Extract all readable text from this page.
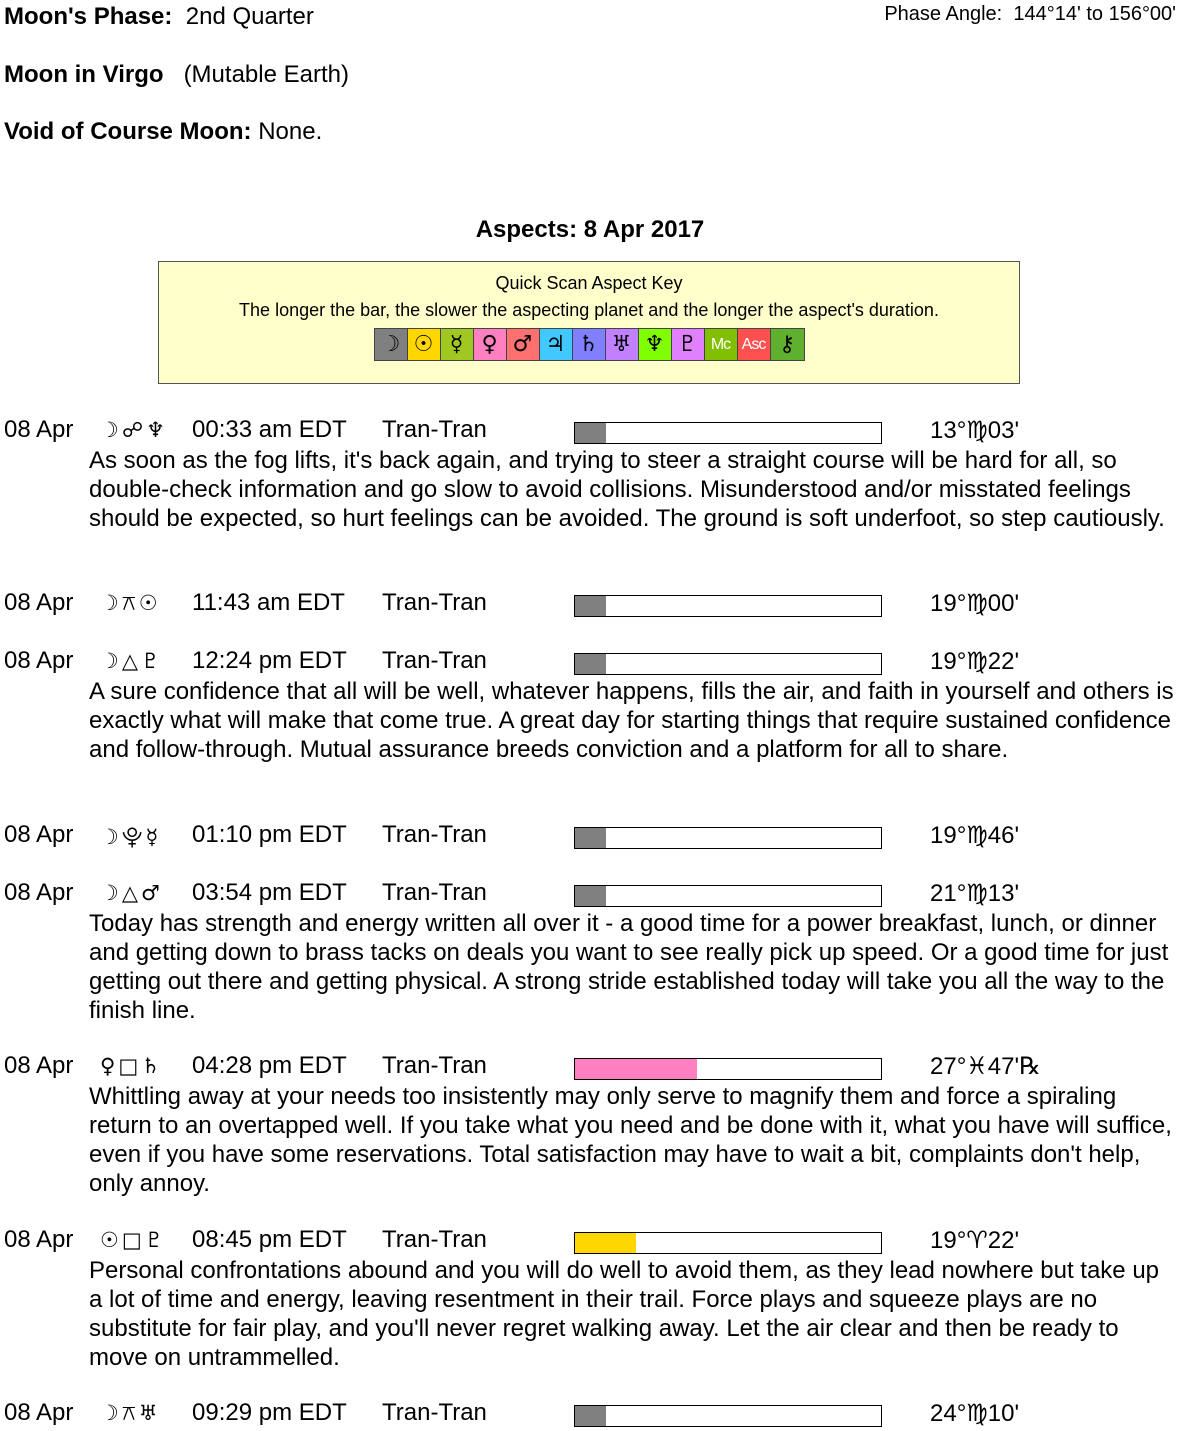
Moon's Phase: 2nd Quarter	Phase Angle: 144°14' to 156°00'
Moon in Virgo (Mutable Earth)
Void of Course Moon: None.
Aspects: 8 Apr 2017
Quick Scan Aspect Key
The longer the bar, the slower the aspecting planet and the longer the aspect's duration.
☽ ☉ ☿ ♀ ♂ ♃ ♄ ♅ ♆ ♇ Mc Asc ⚷
08 Apr ☽☍♆ 00:33 am EDT Tran-Tran	13°♍03'
As soon as the fog lifts, it's back again, and trying to steer a straight course will be hard for all, so double-check information and go slow to avoid collisions. Misunderstood and/or misstated feelings should be expected, so hurt feelings can be avoided. The ground is soft underfoot, so step cautiously.
08 Apr ☽⚻☉ 11:43 am EDT Tran-Tran	19°♍00'
08 Apr ☽△♇ 12:24 pm EDT Tran-Tran	19°♍22'
A sure confidence that all will be well, whatever happens, fills the air, and faith in yourself and others is exactly what will make that come true. A great day for starting things that require sustained confidence and follow-through. Mutual assurance breeds conviction and a platform for all to share.
08 Apr ☽⯓☿ 01:10 pm EDT Tran-Tran	19°♍46'
08 Apr ☽△♂ 03:54 pm EDT Tran-Tran	21°♍13'
Today has strength and energy written all over it - a good time for a power breakfast, lunch, or dinner and getting down to brass tacks on deals you want to see really pick up speed. Or a good time for just getting out there and getting physical. A strong stride established today will take you all the way to the finish line.
08 Apr ♀□♄ 04:28 pm EDT Tran-Tran	27°♓47'℞
Whittling away at your needs too insistently may only serve to magnify them and force a spiraling return to an overtapped well. If you take what you need and be done with it, what you have will suffice, even if you have some reservations. Total satisfaction may have to wait a bit, complaints don't help, only annoy.
08 Apr ☉□♇ 08:45 pm EDT Tran-Tran	19°♈22'
Personal confrontations abound and you will do well to avoid them, as they lead nowhere but take up a lot of time and energy, leaving resentment in their trail. Force plays and squeeze plays are no substitute for fair play, and you'll never regret walking away. Let the air clear and then be ready to move on untrammelled.
08 Apr ☽⚻♅ 09:29 pm EDT Tran-Tran	24°♍10'
